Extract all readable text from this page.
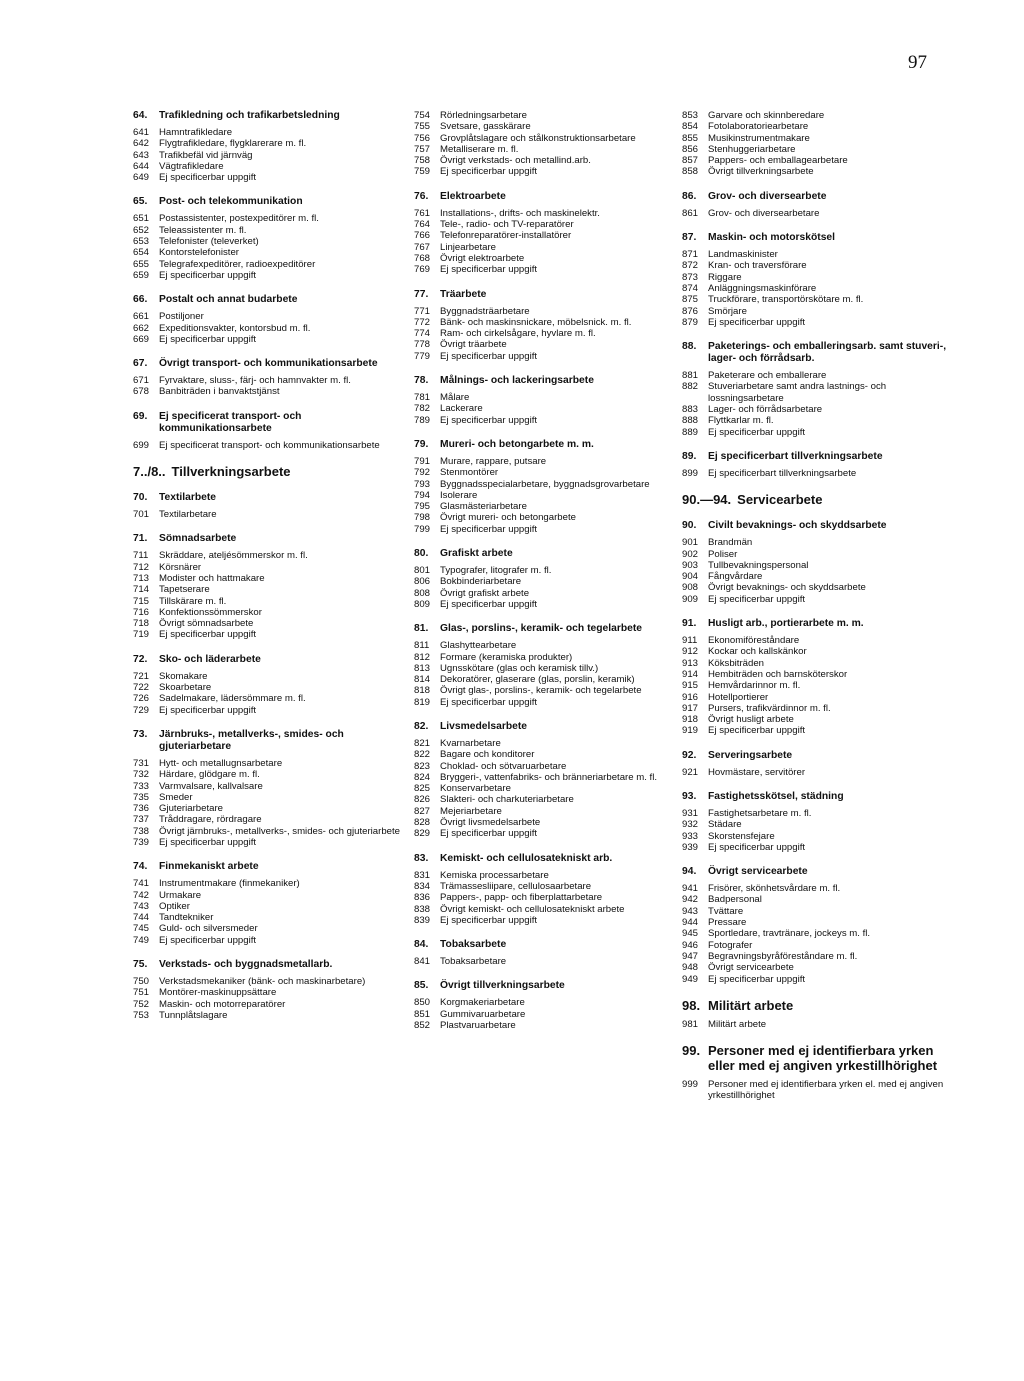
97
64.	Trafikledning och trafikarbetsledning
641	Hamntrafikledare
642	Flygtrafikledare, flygklarerare m. fl.
643	Trafikbefäl vid järnväg
644	Vägtrafikledare
649	Ej specificerbar uppgift
65.	Post- och telekommunikation
651	Postassistenter, postexpeditörer m. fl.
652	Teleassistenter m. fl.
653	Telefonister (televerket)
654	Kontorstelefonister
655	Telegrafexpeditörer, radioexpeditörer
659	Ej specificerbar uppgift
66.	Postalt och annat budarbete
661	Postiljoner
662	Expeditionsvakter, kontorsbud m. fl.
669	Ej specificerbar uppgift
67.	Övrigt transport- och kommunikationsarbete
671	Fyrvaktare, sluss-, färj- och hamnvakter m. fl.
678	Banbiträden i banvaktstjänst
69.	Ej specificerat transport- och kommunikationsarbete
699	Ej specificerat transport- och kommunikationsarbete
7../8.. Tillverkningsarbete
70.	Textilarbete
701	Textilarbetare
71.	Sömnadsarbete
711	Skräddare, ateljésömmerskor m. fl.
712	Körsnärer
713	Modister och hattmakare
714	Tapetserare
715	Tillskärare m. fl.
716	Konfektionssömmerskor
718	Övrigt sömnadsarbete
719	Ej specificerbar uppgift
72.	Sko- och läderarbete
721	Skomakare
722	Skoarbetare
726	Sadelmakare, lädersömmare m. fl.
729	Ej specificerbar uppgift
73.	Järnbruks-, metallverks-, smides- och gjuteriarbetare
731	Hytt- och metallugnsarbetare
732	Härdare, glödgare m. fl.
733	Varmvalsare, kallvalsare
735	Smeder
736	Gjuteriarbetare
737	Tråddragare, rördragare
738	Övrigt järnbruks-, metallverks-, smides- och gjuteriarbete
739	Ej specificerbar uppgift
74.	Finmekaniskt arbete
741	Instrumentmakare (finmekaniker)
742	Urmakare
743	Optiker
744	Tandtekniker
745	Guld- och silversmeder
749	Ej specificerbar uppgift
75.	Verkstads- och byggnadsmetallarb.
750	Verkstadsmekaniker (bänk- och maskinarbetare)
751	Montörer-maskinuppsättare
752	Maskin- och motorreparatörer
753	Tunnplåtslagare
754	Rörledningsarbetare
755	Svetsare, gasskärare
756	Grovplåtslagare och stålkonstruktionsarbetare
757	Metalliserare m. fl.
758	Övrigt verkstads- och metallind.arb.
759	Ej specificerbar uppgift
76.	Elektroarbete
761	Installations-, drifts- och maskinelektr.
764	Tele-, radio- och TV-reparatörer
766	Telefonreparatörer-installatörer
767	Linjearbetare
768	Övrigt elektroarbete
769	Ej specificerbar uppgift
77.	Träarbete
771	Byggnadsträarbetare
772	Bänk- och maskinsnickare, möbelsnick. m. fl.
774	Ram- och cirkelsågare, hyvlare m. fl.
778	Övrigt träarbete
779	Ej specificerbar uppgift
78.	Målnings- och lackeringsarbete
781	Målare
782	Lackerare
789	Ej specificerbar uppgift
79.	Mureri- och betongarbete m. m.
791	Murare, rappare, putsare
792	Stenmontörer
793	Byggnadsspecialarbetare, byggnadsgrovarbetare
794	Isolerare
795	Glasmästeriarbetare
798	Övrigt mureri- och betongarbete
799	Ej specificerbar uppgift
80.	Grafiskt arbete
801	Typografer, litografer m. fl.
806	Bokbinderiarbetare
808	Övrigt grafiskt arbete
809	Ej specificerbar uppgift
81.	Glas-, porslins-, keramik- och tegelarbete
811	Glashyttearbetare
812	Formare (keramiska produkter)
813	Ugnsskötare (glas och keramisk tillv.)
814	Dekoratörer, glaserare (glas, porslin, keramik)
818	Övrigt glas-, porslins-, keramik- och tegelarbete
819	Ej specificerbar uppgift
82.	Livsmedelsarbete
821	Kvarnarbetare
822	Bagare och konditorer
823	Choklad- och sötvaruarbetare
824	Bryggeri-, vattenfabriks- och bränneriarbetare m. fl.
825	Konservarbetare
826	Slakteri- och charkuteriarbetare
827	Mejeriarbetare
828	Övrigt livsmedelsarbete
829	Ej specificerbar uppgift
83.	Kemiskt- och cellulosatekniskt arb.
831	Kemiska processarbetare
834	Trämassesliipare, cellulosaarbetare
836	Pappers-, papp- och fiberplattarbetare
838	Övrigt kemiskt- och cellulosatekniskt arbete
839	Ej specificerbar uppgift
84.	Tobaksarbete
841	Tobaksarbetare
85.	Övrigt tillverkningsarbete
850	Korgmakeriarbetare
851	Gummivaruarbetare
852	Plastvaruarbetare
853	Garvare och skinnberedare
854	Fotolaboratoriearbetare
855	Musikinstrumentmakare
856	Stenhuggeriarbetare
857	Pappers- och emballagearbetare
858	Övrigt tillverkningsarbete
86.	Grov- och diversearbete
861	Grov- och diversearbetare
87.	Maskin- och motorskötsel
871	Landmaskinister
872	Kran- och traversförare
873	Riggare
874	Anläggningsmaskinförare
875	Truckförare, transportörskötare m. fl.
876	Smörjare
879	Ej specificerbar uppgift
88.	Paketerings- och emballeringsarb. samt stuveri-, lager- och förrådsarb.
881	Paketerare och emballerare
882	Stuveriarbetare samt andra lastnings- och lossningsarbetare
883	Lager- och förrådsarbetare
888	Flyttkarlar m. fl.
889	Ej specificerbar uppgift
89.	Ej specificerbart tillverkningsarbete
899	Ej specificerbart tillverkningsarbete
90.—94. Servicearbete
90.	Civilt bevaknings- och skyddsarbete
901	Brandmän
902	Poliser
903	Tullbevakningspersonal
904	Fångvårdare
908	Övrigt bevaknings- och skyddsarbete
909	Ej specificerbar uppgift
91.	Husligt arb., portierarbete m. m.
911	Ekonomiföreståndare
912	Kockar och kallskänkor
913	Köksbiträden
914	Hembiträden och barnsköterskor
915	Hemvårdarinnor m. fl.
916	Hotellportierer
917	Pursers, trafikvärdinnor m. fl.
918	Övrigt husligt arbete
919	Ej specificerbar uppgift
92.	Serveringsarbete
921	Hovmästare, servitörer
93.	Fastighetsskötsel, städning
931	Fastighetsarbetare m. fl.
932	Städare
933	Skorstensfejare
939	Ej specificerbar uppgift
94.	Övrigt servicearbete
941	Frisörer, skönhetsvårdare m. fl.
942	Badpersonal
943	Tvättare
944	Pressare
945	Sportledare, travtränare, jockeys m. fl.
946	Fotografer
947	Begravningsbyråföreståndare m. fl.
948	Övrigt servicearbete
949	Ej specificerbar uppgift
98. Militärt arbete
981	Militärt arbete
99. Personer med ej identifierbara yrken eller med ej angiven yrkestillhörighet
999	Personer med ej identifierbara yrken el. med ej angiven yrkestillhörighet
